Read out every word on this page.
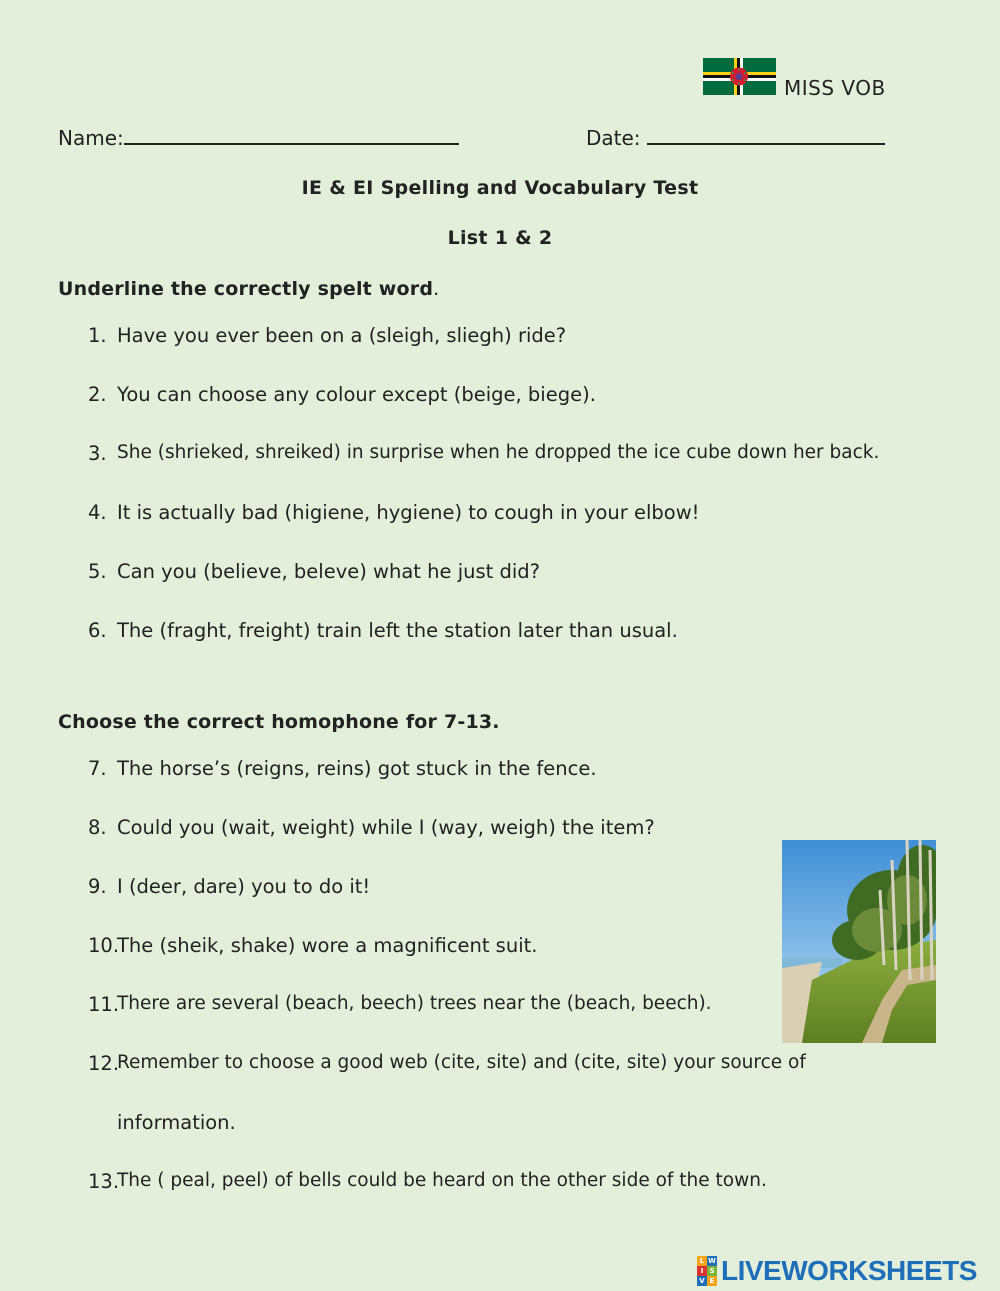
MISS VOB
Name:	Date:
IE & EI Spelling and Vocabulary Test
List 1 & 2
Underline the correctly spelt word.
1. Have you ever been on a (sleigh, sliegh) ride?
2. You can choose any colour except (beige, biege).
3. She (shrieked, shreiked) in surprise when he dropped the ice cube down her back.
4. It is actually bad (higiene, hygiene) to cough in your elbow!
5. Can you (believe, beleve) what he just did?
6. The (fraght, freight) train left the station later than usual.
Choose the correct homophone for 7-13.
7. The horse’s (reigns, reins) got stuck in the fence.
8. Could you (wait, weight) while I (way, weigh) the item?
9. I (deer, dare) you to do it!
10.
The (sheik, shake) wore a magnificent suit.
11.
There are several (beach, beech) trees near the (beach, beech).
12.
Remember to choose a good web (cite, site) and (cite, site) your source of
information.
13.
The ( peal, peel) of bells could be heard on the other side of the town.
L W
I S
V E LIVEWORKSHEETS
